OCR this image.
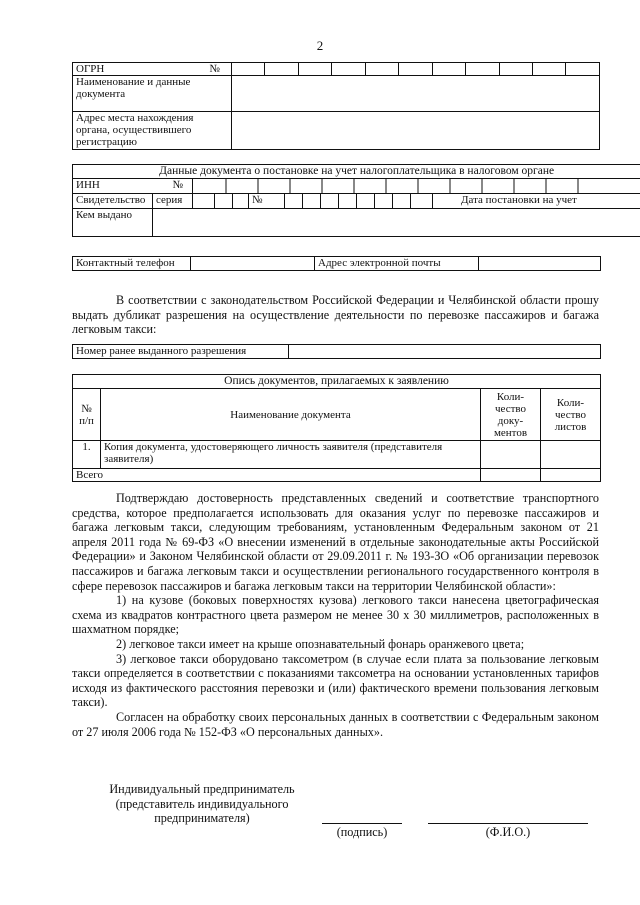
2
ОГРН №											

Наименование и данные документа											
Адрес места нахождения органа, осуществившего регистрацию											
Данные документа о постановке на учет налогоплательщика в налоговом органе														
ИНН №														

Свидетельство	серия				№									Дата постановки на учет
Кем выдано														
Контактный телефон		Адрес электронной почты	

В соответствии с законодательством Российской Федерации и Челябинской области прошу выдать дубликат разрешения на осуществление деятельности по перевозке пассажиров и багажа легковым такси:

Номер ранее выданного разрешения	
Опись документов, прилагаемых к заявлению			
№ п/п	Наименование документа	Коли-чество доку-ментов	Коли-чество листов
1.	Копия документа, удостоверяющего личность заявителя (представителя заявителя)		
Всего			

Подтверждаю достоверность представленных сведений и соответствие транспортного средства, которое предполагается использовать для оказания услуг по перевозке пассажиров и багажа легковым такси, следующим требованиям, установленным Федеральным законом от 21 апреля 2011 года № 69-ФЗ «О внесении изменений в отдельные законодательные акты Российской Федерации» и Законом Челябинской области от 29.09.2011 г. № 193-ЗО «Об организации перевозок пассажиров и багажа легковым такси и осуществлении регионального государственного контроля в сфере перевозок пассажиров и багажа легковым такси на территории Челябинской области»:

1) на кузове (боковых поверхностях кузова) легкового такси нанесена цветографическая схема из квадратов контрастного цвета размером не менее 30 х 30 миллиметров, расположенных в шахматном порядке;

2) легковое такси имеет на крыше опознавательный фонарь оранжевого цвета;

3) легковое такси оборудовано таксометром (в случае если плата за пользование легковым такси определяется в соответствии с показаниями таксометра на основании установленных тарифов исходя из фактического расстояния перевозки и (или) фактического времени пользования легковым такси).

Согласен на обработку своих персональных данных в соответствии с Федеральным законом от 27 июля 2006 года № 152-ФЗ «О персональных данных».

Индивидуальный предприниматель
(представитель индивидуального
предпринимателя)
(подпись)	(Ф.И.О.)
